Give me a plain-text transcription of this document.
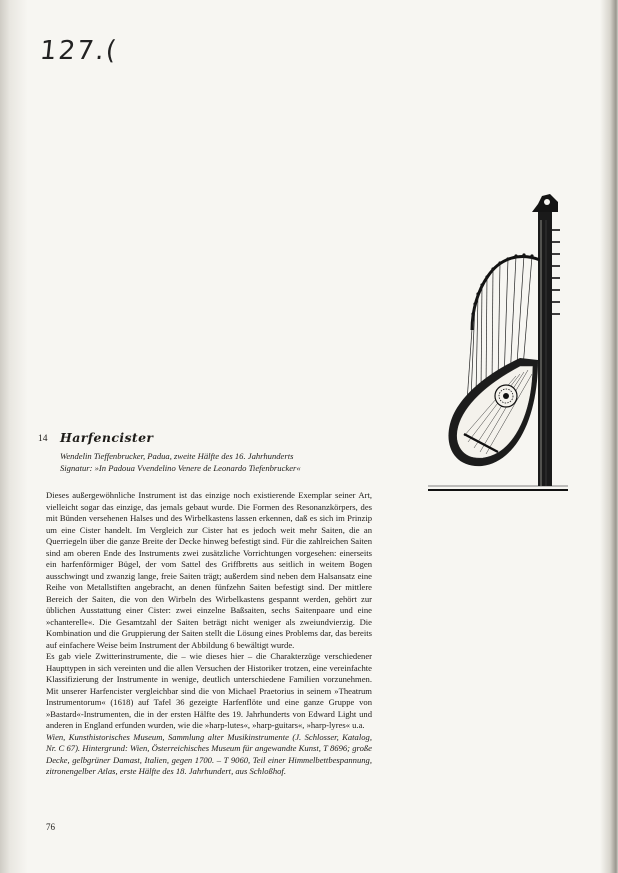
127.(
14 Harfencister
Wendelin Tieffenbrucker, Padua, zweite Hälfte des 16. Jahrhunderts
Signatur: »In Padoua Vvendelino Venere de Leonardo Tiefenbrucker«

Dieses außergewöhnliche Instrument ist das einzige noch existierende Exemplar seiner Art, vielleicht sogar das einzige, das jemals gebaut wurde. Die Formen des Resonanzkörpers, des mit Bünden versehenen Halses und des Wirbelkastens lassen erkennen, daß es sich im Prinzip um eine Cister handelt. Im Vergleich zur Cister hat es jedoch weit mehr Saiten, die an Querriegeln über die ganze Breite der Decke hinweg befestigt sind. Für die zahlreichen Saiten sind am oberen Ende des Instruments zwei zusätzliche Vorrichtungen vorgesehen: einerseits ein harfenförmiger Bügel, der vom Sattel des Griffbretts aus seitlich in weitem Bogen ausschwingt und zwanzig lange, freie Saiten trägt; außerdem sind neben dem Halsansatz eine Reihe von Metallstiften angebracht, an denen fünfzehn Saiten befestigt sind. Der mittlere Bereich der Saiten, die von den Wirbeln des Wirbelkastens gespannt werden, gehört zur üblichen Ausstattung einer Cister: zwei einzelne Baßsaiten, sechs Saitenpaare und eine »chanterelle«. Die Gesamtzahl der Saiten beträgt nicht weniger als zweiundvierzig. Die Kombination und die Gruppierung der Saiten stellt die Lösung eines Problems dar, das bereits auf einfachere Weise beim Instrument der Abbildung 6 bewältigt wurde.

Es gab viele Zwitterinstrumente, die – wie dieses hier – die Charakterzüge verschiedener Haupttypen in sich vereinten und die allen Versuchen der Historiker trotzen, eine vereinfachte Klassifizierung der Instrumente in wenige, deutlich unterschiedene Familien vorzunehmen. Mit unserer Harfencister vergleichbar sind die von Michael Praetorius in seinem »Theatrum Instrumentorum« (1618) auf Tafel 36 gezeigte Harfenflöte und eine ganze Gruppe von »Bastard«-Instrumenten, die in der ersten Hälfte des 19. Jahrhunderts von Edward Light und anderen in England erfunden wurden, wie die »harp-lutes«, »harp-guitars«, »harp-lyres« u.a.

Wien, Kunsthistorisches Museum, Sammlung alter Musikinstrumente (J. Schlosser, Katalog, Nr. C 67). Hintergrund: Wien, Österreichisches Museum für angewandte Kunst, T 8696; große Decke, gelbgrüner Damast, Italien, gegen 1700. – T 9060, Teil einer Himmelbettbespannung, zitronengelber Atlas, erste Hälfte des 18. Jahrhundert, aus Schloßhof.

76
